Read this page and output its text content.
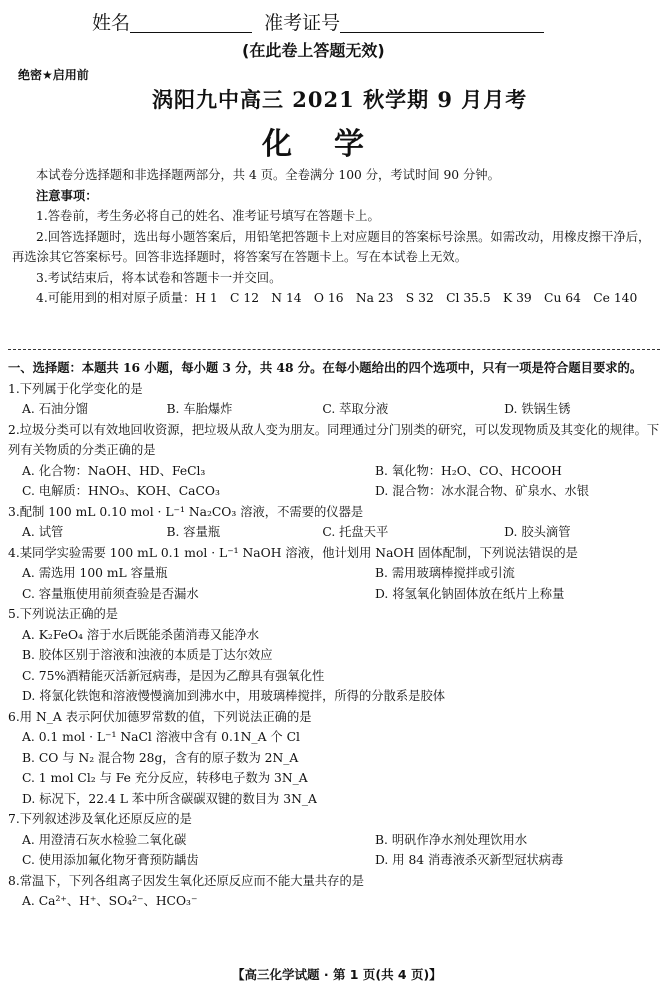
姓名	准考证号
(在此卷上答题无效)
绝密★启用前
涡阳九中高三 2021 秋学期 9 月月考
化学

本试卷分选择题和非选择题两部分，共 4 页。全卷满分 100 分，考试时间 90 分钟。

注意事项：

1.答卷前，考生务必将自己的姓名、准考证号填写在答题卡上。

2.回答选择题时，选出每小题答案后，用铅笔把答题卡上对应题目的答案标号涂黑。如需改动，用橡皮擦干净后，再选涂其它答案标号。回答非选择题时，将答案写在答题卡上。写在本试卷上无效。

3.考试结束后，将本试卷和答题卡一并交回。

4.可能用到的相对原子质量：H 1　C 12　N 14　O 16　Na 23　S 32　Cl 35.5　K 39　Cu 64　Ce 140

一、选择题：本题共 16 小题，每小题 3 分，共 48 分。在每小题给出的四个选项中，只有一项是符合题目要求的。
1.下列属于化学变化的是
A. 石油分馏	B. 车胎爆炸	C. 萃取分液	D. 铁锅生锈
2.垃圾分类可以有效地回收资源，把垃圾从敌人变为朋友。同理通过分门别类的研究，可以发现物质及其变化的规律。下列有关物质的分类正确的是
A. 化合物：NaOH、HD、FeCl₃	B. 氧化物：H₂O、CO、HCOOH
C. 电解质：HNO₃、KOH、CaCO₃	D. 混合物：冰水混合物、矿泉水、水银
3.配制 100 mL 0.10 mol · L⁻¹ Na₂CO₃ 溶液，不需要的仪器是
A. 试管	B. 容量瓶	C. 托盘天平	D. 胶头滴管
4.某同学实验需要 100 mL 0.1 mol · L⁻¹ NaOH 溶液，他计划用 NaOH 固体配制，下列说法错误的是
A. 需选用 100 mL 容量瓶	B. 需用玻璃棒搅拌或引流
C. 容量瓶使用前须查验是否漏水	D. 将氢氧化钠固体放在纸片上称量
5.下列说法正确的是
A. K₂FeO₄ 溶于水后既能杀菌消毒又能净水
B. 胶体区别于溶液和浊液的本质是丁达尔效应
C. 75%酒精能灭活新冠病毒，是因为乙醇具有强氧化性
D. 将氯化铁饱和溶液慢慢滴加到沸水中，用玻璃棒搅拌，所得的分散系是胶体
6.用 N_A 表示阿伏加德罗常数的值，下列说法正确的是
A. 0.1 mol · L⁻¹ NaCl 溶液中含有 0.1N_A 个 Cl
B. CO 与 N₂ 混合物 28g，含有的原子数为 2N_A
C. 1 mol Cl₂ 与 Fe 充分反应，转移电子数为 3N_A
D. 标况下，22.4 L 苯中所含碳碳双键的数目为 3N_A
7.下列叙述涉及氧化还原反应的是
A. 用澄清石灰水检验二氧化碳	B. 明矾作净水剂处理饮用水
C. 使用添加氟化物牙膏预防龋齿	D. 用 84 消毒液杀灭新型冠状病毒
8.常温下，下列各组离子因发生氧化还原反应而不能大量共存的是
A. Ca²⁺、H⁺、SO₄²⁻、HCO₃⁻
【高三化学试题 · 第 1 页(共 4 页)】
